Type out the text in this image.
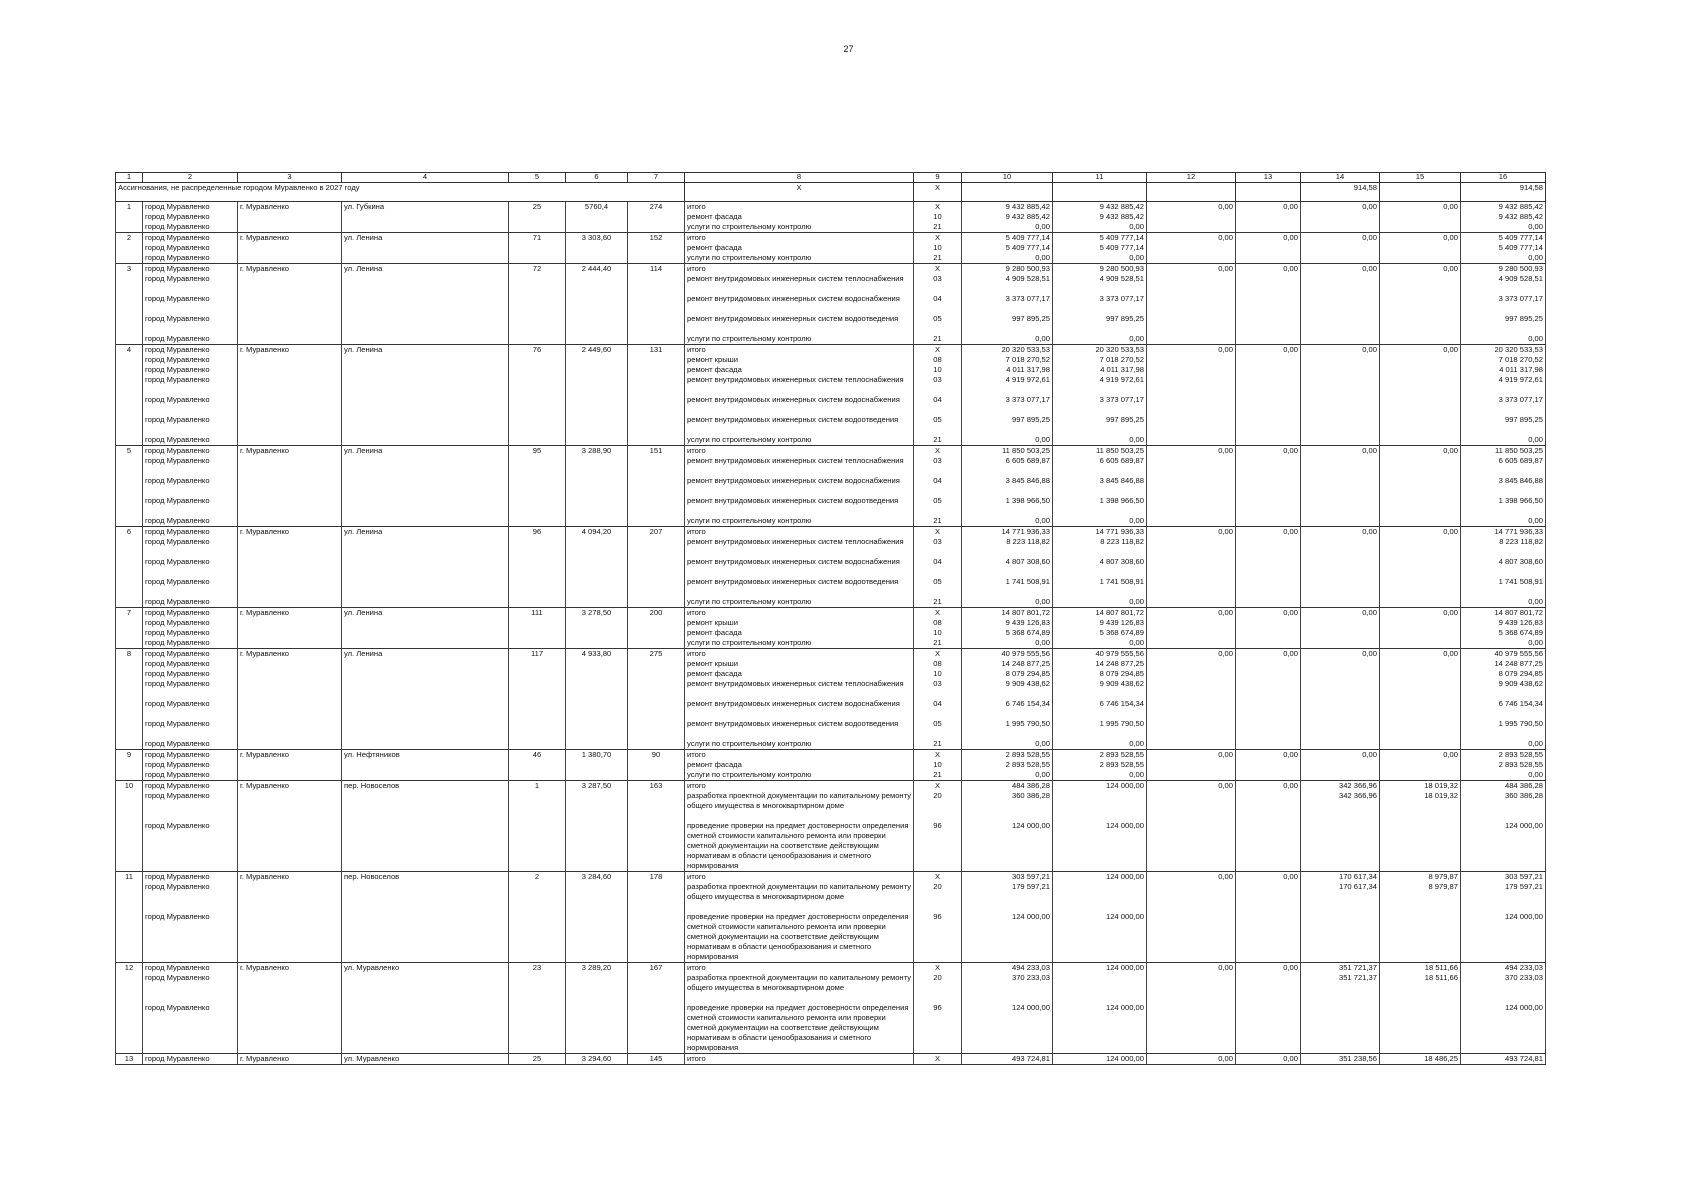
27
1	2	3	4	5	6	7	8	9	10	11	12	13	14	15	16
Ассигнования, не распределенные городом Муравленко в 2027 году							X	X					914,58		914,58
1	город Муравленко	г. Муравленко	ул. Губкина	25	5760,4	274	итого	X	9 432 885,42	9 432 885,42	0,00	0,00	0,00	0,00	9 432 885,42
	город Муравленко						ремонт фасада	10	9 432 885,42	9 432 885,42					9 432 885,42
	город Муравленко						услуги по строительному контролю	21	0,00	0,00					0,00
2	город Муравленко	г. Муравленко	ул. Ленина	71	3 303,60	152	итого	X	5 409 777,14	5 409 777,14	0,00	0,00	0,00	0,00	5 409 777,14
	город Муравленко						ремонт фасада	10	5 409 777,14	5 409 777,14					5 409 777,14
	город Муравленко						услуги по строительному контролю	21	0,00	0,00					0,00
3	город Муравленко	г. Муравленко	ул. Ленина	72	2 444,40	114	итого	X	9 280 500,93	9 280 500,93	0,00	0,00	0,00	0,00	9 280 500,93
	город Муравленко						ремонт внутридомовых инженерных систем теплоснабжения	03	4 909 528,51	4 909 528,51					4 909 528,51
	город Муравленко						ремонт внутридомовых инженерных систем водоснабжения	04	3 373 077,17	3 373 077,17					3 373 077,17
	город Муравленко						ремонт внутридомовых инженерных систем водоотведения	05	997 895,25	997 895,25					997 895,25
	город Муравленко						услуги по строительному контролю	21	0,00	0,00					0,00
4	город Муравленко	г. Муравленко	ул. Ленина	76	2 449,60	131	итого	X	20 320 533,53	20 320 533,53	0,00	0,00	0,00	0,00	20 320 533,53
	город Муравленко						ремонт крыши	08	7 018 270,52	7 018 270,52					7 018 270,52
	город Муравленко						ремонт фасада	10	4 011 317,98	4 011 317,98					4 011 317,98
	город Муравленко						ремонт внутридомовых инженерных систем теплоснабжения	03	4 919 972,61	4 919 972,61					4 919 972,61
	город Муравленко						ремонт внутридомовых инженерных систем водоснабжения	04	3 373 077,17	3 373 077,17					3 373 077,17
	город Муравленко						ремонт внутридомовых инженерных систем водоотведения	05	997 895,25	997 895,25					997 895,25
	город Муравленко						услуги по строительному контролю	21	0,00	0,00					0,00
5	город Муравленко	г. Муравленко	ул. Ленина	95	3 288,90	151	итого	X	11 850 503,25	11 850 503,25	0,00	0,00	0,00	0,00	11 850 503,25
	город Муравленко						ремонт внутридомовых инженерных систем теплоснабжения	03	6 605 689,87	6 605 689,87					6 605 689,87
	город Муравленко						ремонт внутридомовых инженерных систем водоснабжения	04	3 845 846,88	3 845 846,88					3 845 846,88
	город Муравленко						ремонт внутридомовых инженерных систем водоотведения	05	1 398 966,50	1 398 966,50					1 398 966,50
	город Муравленко						услуги по строительному контролю	21	0,00	0,00					0,00
6	город Муравленко	г. Муравленко	ул. Ленина	96	4 094,20	207	итого	X	14 771 936,33	14 771 936,33	0,00	0,00	0,00	0,00	14 771 936,33
	город Муравленко						ремонт внутридомовых инженерных систем теплоснабжения	03	8 223 118,82	8 223 118,82					8 223 118,82
	город Муравленко						ремонт внутридомовых инженерных систем водоснабжения	04	4 807 308,60	4 807 308,60					4 807 308,60
	город Муравленко						ремонт внутридомовых инженерных систем водоотведения	05	1 741 508,91	1 741 508,91					1 741 508,91
	город Муравленко						услуги по строительному контролю	21	0,00	0,00					0,00
7	город Муравленко	г. Муравленко	ул. Ленина	111	3 278,50	200	итого	X	14 807 801,72	14 807 801,72	0,00	0,00	0,00	0,00	14 807 801,72
	город Муравленко						ремонт крыши	08	9 439 126,83	9 439 126,83					9 439 126,83
	город Муравленко						ремонт фасада	10	5 368 674,89	5 368 674,89					5 368 674,89
	город Муравленко						услуги по строительному контролю	21	0,00	0,00					0,00
8	город Муравленко	г. Муравленко	ул. Ленина	117	4 933,80	275	итого	X	40 979 555,56	40 979 555,56	0,00	0,00	0,00	0,00	40 979 555,56
	город Муравленко						ремонт крыши	08	14 248 877,25	14 248 877,25					14 248 877,25
	город Муравленко						ремонт фасада	10	8 079 294,85	8 079 294,85					8 079 294,85
	город Муравленко						ремонт внутридомовых инженерных систем теплоснабжения	03	9 909 438,62	9 909 438,62					9 909 438,62
	город Муравленко						ремонт внутридомовых инженерных систем водоснабжения	04	6 746 154,34	6 746 154,34					6 746 154,34
	город Муравленко						ремонт внутридомовых инженерных систем водоотведения	05	1 995 790,50	1 995 790,50					1 995 790,50
	город Муравленко						услуги по строительному контролю	21	0,00	0,00					0,00
9	город Муравленко	г. Муравленко	ул. Нефтяников	46	1 380,70	90	итого	X	2 893 528,55	2 893 528,55	0,00	0,00	0,00	0,00	2 893 528,55
	город Муравленко						ремонт фасада	10	2 893 528,55	2 893 528,55					2 893 528,55
	город Муравленко						услуги по строительному контролю	21	0,00	0,00					0,00
10	город Муравленко	г. Муравленко	пер. Новоселов	1	3 287,50	163	итого	X	484 386,28	124 000,00	0,00	0,00	342 366,96	18 019,32	484 386,28
	город Муравленко						разработка проектной документации по капитальному ремонту общего имущества в многоквартирном доме	20	360 386,28				342 366,96	18 019,32	360 386,28
	город Муравленко						проведение проверки на предмет достоверности определения сметной стоимости капитального ремонта или проверки сметной документации на соответствие действующим нормативам в области ценообразования и сметного нормирования	96	124 000,00	124 000,00					124 000,00
11	город Муравленко	г. Муравленко	пер. Новоселов	2	3 284,60	178	итого	X	303 597,21	124 000,00	0,00	0,00	170 617,34	8 979,87	303 597,21
	город Муравленко						разработка проектной документации по капитальному ремонту общего имущества в многоквартирном доме	20	179 597,21				170 617,34	8 979,87	179 597,21
	город Муравленко						проведение проверки на предмет достоверности определения сметной стоимости капитального ремонта или проверки сметной документации на соответствие действующим нормативам в области ценообразования и сметного нормирования	96	124 000,00	124 000,00					124 000,00
12	город Муравленко	г. Муравленко	ул. Муравленко	23	3 289,20	167	итого	X	494 233,03	124 000,00	0,00	0,00	351 721,37	18 511,66	494 233,03
	город Муравленко						разработка проектной документации по капитальному ремонту общего имущества в многоквартирном доме	20	370 233,03				351 721,37	18 511,66	370 233,03
	город Муравленко						проведение проверки на предмет достоверности определения сметной стоимости капитального ремонта или проверки сметной документации на соответствие действующим нормативам в области ценообразования и сметного нормирования	96	124 000,00	124 000,00					124 000,00
13	город Муравленко	г. Муравленко	ул. Муравленко	25	3 294,60	145	итого	X	493 724,81	124 000,00	0,00	0,00	351 238,56	18 486,25	493 724,81
